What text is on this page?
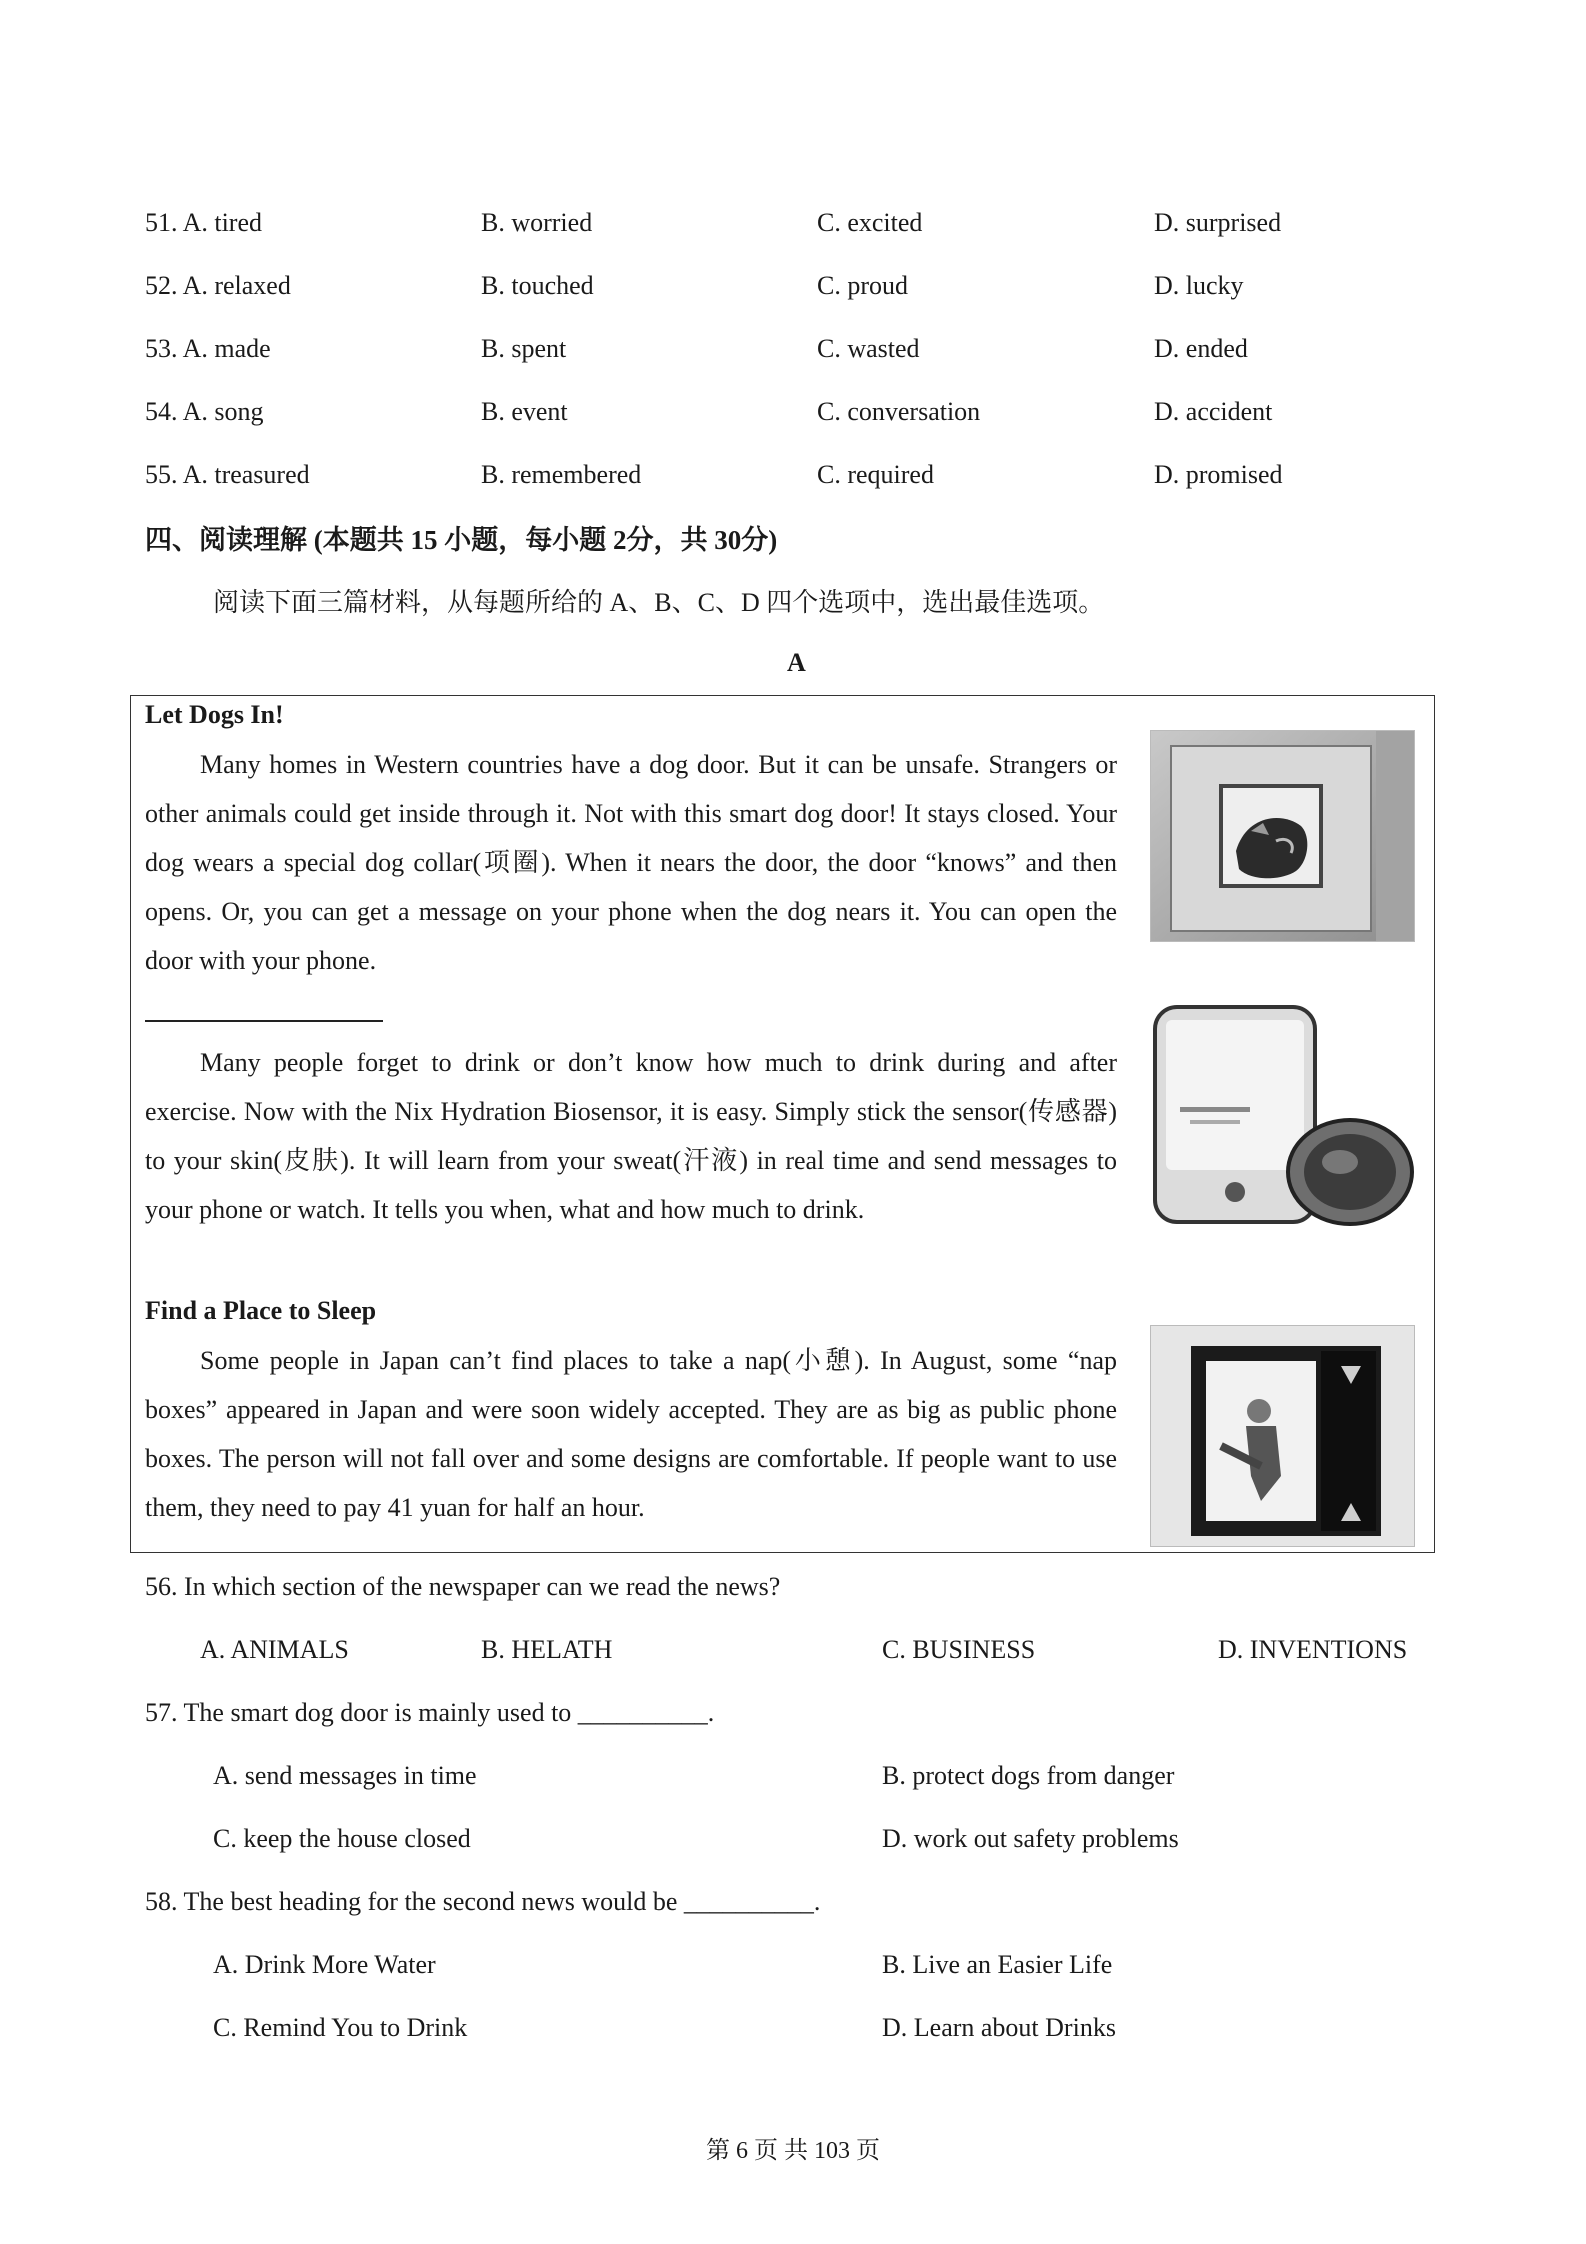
51. A. tired	B. worried	C. excited	D. surprised
52. A. relaxed	B. touched	C. proud	D. lucky
53. A. made	B. spent	C. wasted	D. ended
54. A. song	B. event	C. conversation	D. accident
55. A. treasured	B. remembered	C. required	D. promised
四、阅读理解 (本题共 15 小题，每小题 2分，共 30分)
阅读下面三篇材料，从每题所给的 A、B、C、D 四个选项中，选出最佳选项。
A
Let Dogs In!
Many homes in Western countries have a dog door. But it can be unsafe. Strangers or other animals could get inside through it. Not with this smart dog door! It stays closed. Your dog wears a special dog collar(项圈). When it nears the door, the door “knows” and then opens. Or, you can get a message on your phone when the dog nears it. You can open the door with your phone.
Many people forget to drink or don’t know how much to drink during and after exercise. Now with the Nix Hydration Biosensor, it is easy. Simply stick the sensor(传感器) to your skin(皮肤). It will learn from your sweat(汗液) in real time and send messages to your phone or watch. It tells you when, what and how much to drink.
Find a Place to Sleep
Some people in Japan can’t find places to take a nap(小憩). In August, some “nap boxes” appeared in Japan and were soon widely accepted. They are as big as public phone boxes. The person will not fall over and some designs are comfortable. If people want to use them, they need to pay 41 yuan for half an hour.
56. In which section of the newspaper can we read the news?
A. ANIMALS	B. HELATH	C. BUSINESS	D. INVENTIONS
57. The smart dog door is mainly used to __________.
A. send messages in time	B. protect dogs from danger
C. keep the house closed	D. work out safety problems
58. The best heading for the second news would be __________.
A. Drink More Water	B. Live an Easier Life
C. Remind You to Drink	D. Learn about Drinks
第 6 页 共 103 页
